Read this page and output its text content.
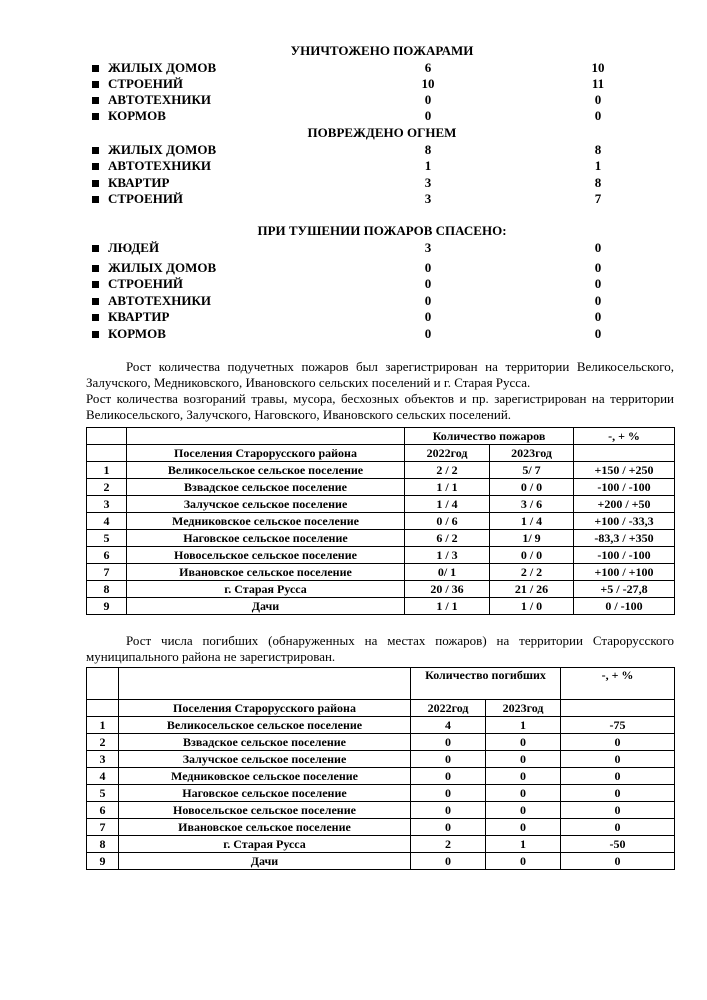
УНИЧТОЖЕНО ПОЖАРАМИ
ЖИЛЫХ ДОМОВ	6	10
СТРОЕНИЙ	10	11
АВТОТЕХНИКИ	0	0
КОРМОВ	0	0
ПОВРЕЖДЕНО ОГНЕМ
ЖИЛЫХ ДОМОВ	8	8
АВТОТЕХНИКИ	1	1
КВАРТИР	3	8
СТРОЕНИЙ	3	7
ПРИ ТУШЕНИИ ПОЖАРОВ СПАСЕНО:
ЛЮДЕЙ	3	0
ЖИЛЫХ ДОМОВ	0	0
СТРОЕНИЙ	0	0
АВТОТЕХНИКИ	0	0
КВАРТИР	0	0
КОРМОВ	0	0
Рост количества подучетных пожаров был зарегистрирован на территории Великосельского, Залучского, Медниковского, Ивановского сельских поселений и г. Старая Русса.
Рост количества возгораний травы, мусора, бесхозных объектов и пр. зарегистрирован на территории Великосельского, Залучского, Наговского, Ивановского сельских поселений.
		Количество пожаров		-, + %
	Поселения Старорусского района	2022год	2023год	
1	Великосельское сельское поселение	2 / 2	5/ 7	+150 / +250
2	Взвадское сельское поселение	1 / 1	0 / 0	-100 / -100
3	Залучское сельское поселение	1 / 4	3 / 6	+200 / +50
4	Медниковское сельское поселение	0 / 6	1 / 4	+100 / -33,3
5	Наговское сельское поселение	6 / 2	1/ 9	-83,3 / +350
6	Новосельское сельское поселение	1 / 3	0 / 0	-100 / -100
7	Ивановское сельское поселение	0/ 1	2 / 2	+100 / +100
8	г. Старая Русса	20 / 36	21 / 26	+5 / -27,8
9	Дачи	1 / 1	1 / 0	0 / -100
Рост числа погибших (обнаруженных на местах пожаров) на территории Старорусского муниципального района не зарегистрирован.
		Количество погибших		-, + %
	Поселения Старорусского района	2022год	2023год	
1	Великосельское сельское поселение	4	1	-75
2	Взвадское сельское поселение	0	0	0
3	Залучское сельское поселение	0	0	0
4	Медниковское сельское поселение	0	0	0
5	Наговское сельское поселение	0	0	0
6	Новосельское сельское поселение	0	0	0
7	Ивановское сельское поселение	0	0	0
8	г. Старая Русса	2	1	-50
9	Дачи	0	0	0
